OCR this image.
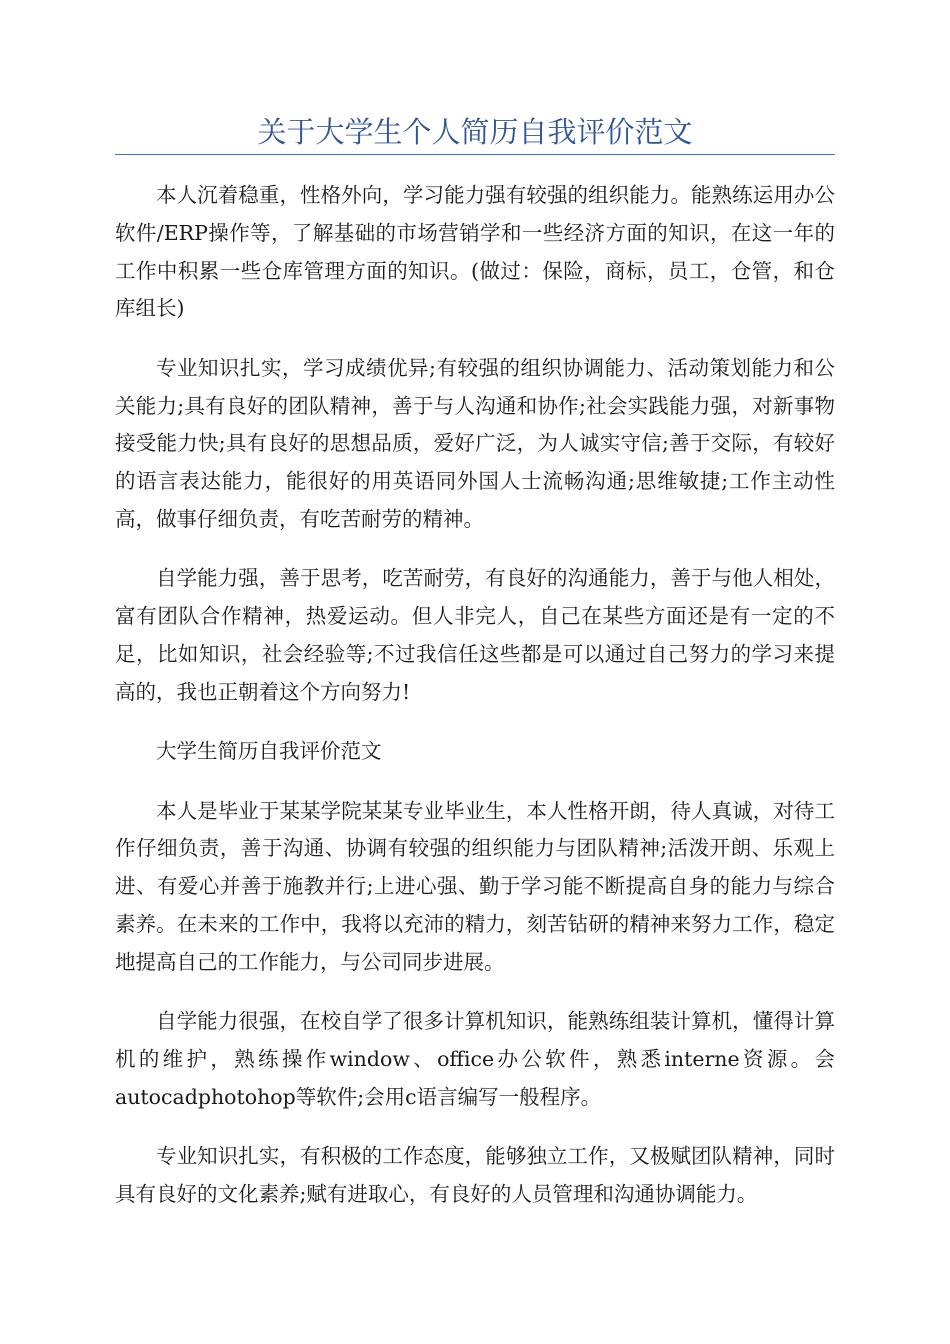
关于大学生个人简历自我评价范文

本人沉着稳重，性格外向，学习能力强有较强的组织能力。能熟练运用办公软件/ERP操作等，了解基础的市场营销学和一些经济方面的知识，在这一年的工作中积累一些仓库管理方面的知识。(做过：保险，商标，员工，仓管，和仓库组长)

专业知识扎实，学习成绩优异;有较强的组织协调能力、活动策划能力和公关能力;具有良好的团队精神，善于与人沟通和协作;社会实践能力强，对新事物接受能力快;具有良好的思想品质，爱好广泛，为人诚实守信;善于交际，有较好的语言表达能力，能很好的用英语同外国人士流畅沟通;思维敏捷;工作主动性高，做事仔细负责，有吃苦耐劳的精神。

自学能力强，善于思考，吃苦耐劳，有良好的沟通能力，善于与他人相处，富有团队合作精神，热爱运动。但人非完人，自己在某些方面还是有一定的不足，比如知识，社会经验等;不过我信任这些都是可以通过自己努力的学习来提高的，我也正朝着这个方向努力!

大学生简历自我评价范文

本人是毕业于某某学院某某专业毕业生，本人性格开朗，待人真诚，对待工作仔细负责，善于沟通、协调有较强的组织能力与团队精神;活泼开朗、乐观上进、有爱心并善于施教并行;上进心强、勤于学习能不断提高自身的能力与综合素养。在未来的工作中，我将以充沛的精力，刻苦钻研的精神来努力工作，稳定地提高自己的工作能力，与公司同步进展。

自学能力很强，在校自学了很多计算机知识，能熟练组装计算机，懂得计算机的维护，熟练操作window、office办公软件，熟悉interne资源。会autocadphotohop等软件;会用c语言编写一般程序。

专业知识扎实，有积极的工作态度，能够独立工作，又极赋团队精神，同时具有良好的文化素养;赋有进取心，有良好的人员管理和沟通协调能力。
